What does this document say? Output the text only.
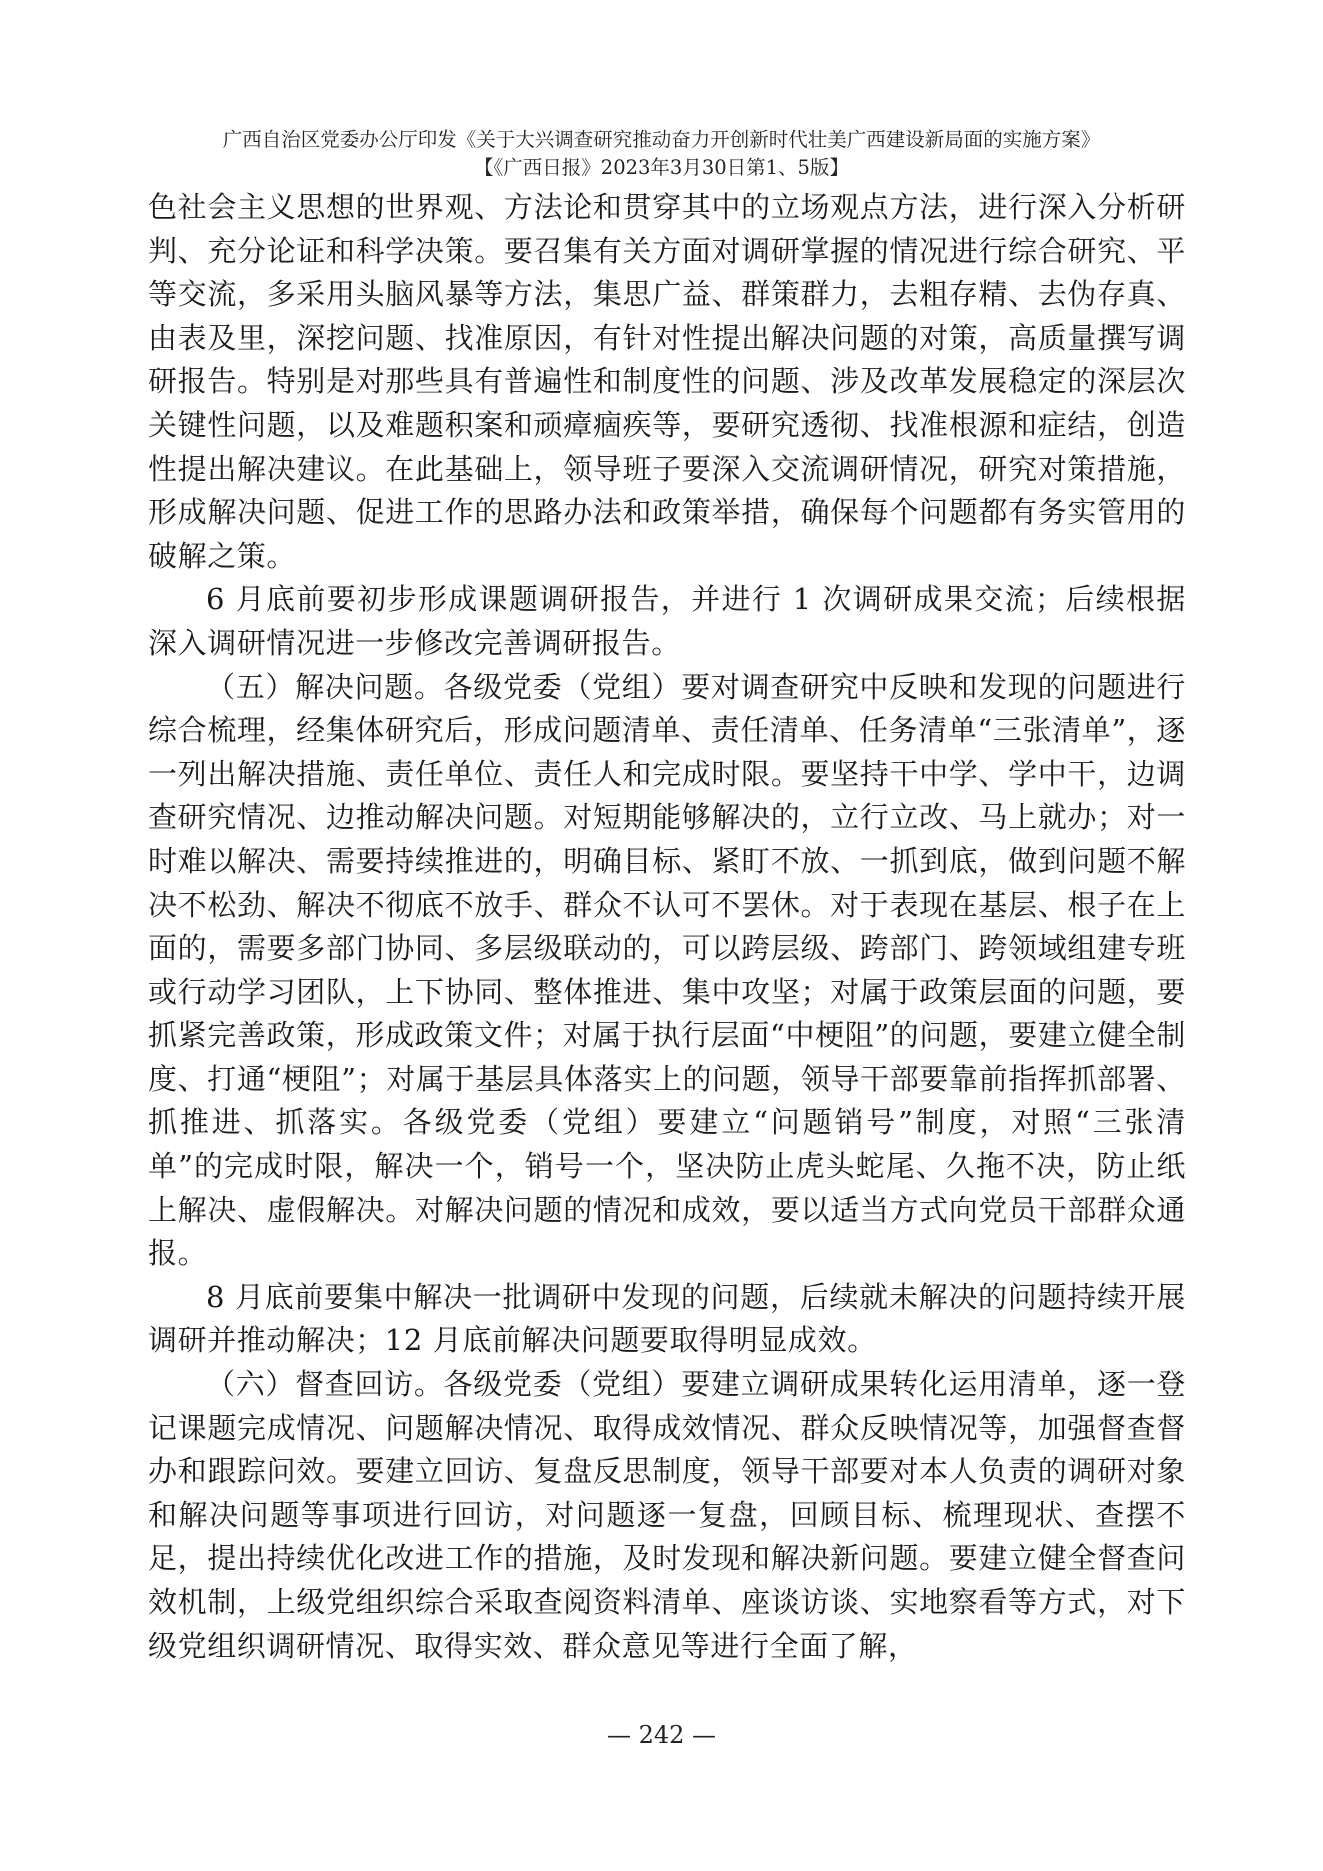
广西自治区党委办公厅印发《关于大兴调查研究推动奋力开创新时代壮美广西建设新局面的实施方案》
【《广西日报》2023年3月30日第1、5版】

色社会主义思想的世界观、方法论和贯穿其中的立场观点方法，进行深入分析研判、充分论证和科学决策。要召集有关方面对调研掌握的情况进行综合研究、平等交流，多采用头脑风暴等方法，集思广益、群策群力，去粗存精、去伪存真、由表及里，深挖问题、找准原因，有针对性提出解决问题的对策，高质量撰写调研报告。特别是对那些具有普遍性和制度性的问题、涉及改革发展稳定的深层次关键性问题，以及难题积案和顽瘴痼疾等，要研究透彻、找准根源和症结，创造性提出解决建议。在此基础上，领导班子要深入交流调研情况，研究对策措施，形成解决问题、促进工作的思路办法和政策举措，确保每个问题都有务实管用的破解之策。

6 月底前要初步形成课题调研报告，并进行 1 次调研成果交流；后续根据深入调研情况进一步修改完善调研报告。

（五）解决问题。各级党委（党组）要对调查研究中反映和发现的问题进行综合梳理，经集体研究后，形成问题清单、责任清单、任务清单“三张清单”，逐一列出解决措施、责任单位、责任人和完成时限。要坚持干中学、学中干，边调查研究情况、边推动解决问题。对短期能够解决的，立行立改、马上就办；对一时难以解决、需要持续推进的，明确目标、紧盯不放、一抓到底，做到问题不解决不松劲、解决不彻底不放手、群众不认可不罢休。对于表现在基层、根子在上面的，需要多部门协同、多层级联动的，可以跨层级、跨部门、跨领域组建专班或行动学习团队，上下协同、整体推进、集中攻坚；对属于政策层面的问题，要抓紧完善政策，形成政策文件；对属于执行层面“中梗阻”的问题，要建立健全制度、打通“梗阻”；对属于基层具体落实上的问题，领导干部要靠前指挥抓部署、抓推进、抓落实。各级党委（党组）要建立“问题销号”制度，对照“三张清单”的完成时限，解决一个，销号一个，坚决防止虎头蛇尾、久拖不决，防止纸上解决、虚假解决。对解决问题的情况和成效，要以适当方式向党员干部群众通报。

8 月底前要集中解决一批调研中发现的问题，后续就未解决的问题持续开展调研并推动解决；12 月底前解决问题要取得明显成效。

（六）督查回访。各级党委（党组）要建立调研成果转化运用清单，逐一登记课题完成情况、问题解决情况、取得成效情况、群众反映情况等，加强督查督办和跟踪问效。要建立回访、复盘反思制度，领导干部要对本人负责的调研对象和解决问题等事项进行回访，对问题逐一复盘，回顾目标、梳理现状、查摆不足，提出持续优化改进工作的措施，及时发现和解决新问题。要建立健全督查问效机制，上级党组织综合采取查阅资料清单、座谈访谈、实地察看等方式，对下级党组织调研情况、取得实效、群众意见等进行全面了解，

— 242 —
